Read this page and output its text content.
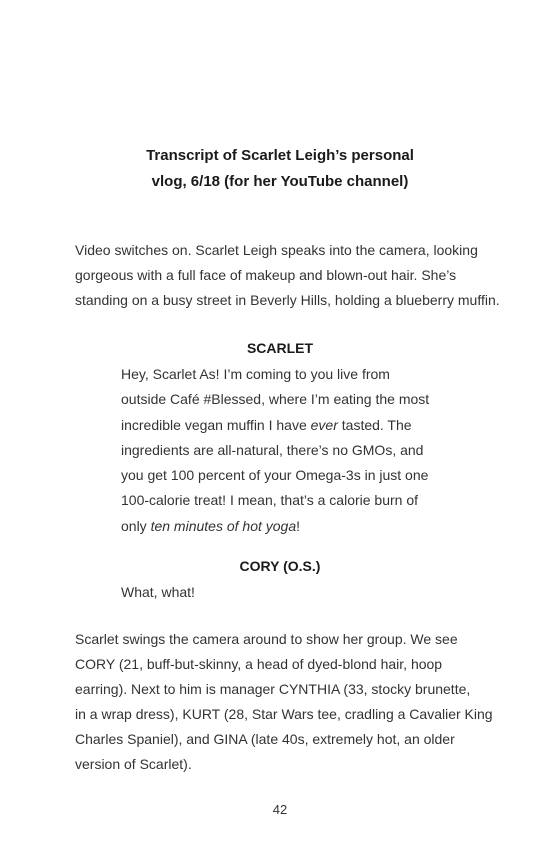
Transcript of Scarlet Leigh’s personal
vlog, 6/18 (for her YouTube channel)
Video switches on. Scarlet Leigh speaks into the camera, looking
gorgeous with a full face of makeup and blown-out hair. She’s
standing on a busy street in Beverly Hills, holding a blueberry muffin.
SCARLET
Hey, Scarlet As! I’m coming to you live from
outside Café #Blessed, where I’m eating the most
incredible vegan muffin I have ever tasted. The
ingredients are all-natural, there’s no GMOs, and
you get 100 percent of your Omega-3s in just one
100-calorie treat! I mean, that’s a calorie burn of
only ten minutes of hot yoga!
CORY (O.S.)
What, what!
Scarlet swings the camera around to show her group. We see
CORY (21, buff-but-skinny, a head of dyed-blond hair, hoop
earring). Next to him is manager CYNTHIA (33, stocky brunette,
in a wrap dress), KURT (28, Star Wars tee, cradling a Cavalier King
Charles Spaniel), and GINA (late 40s, extremely hot, an older
version of Scarlet).
42
